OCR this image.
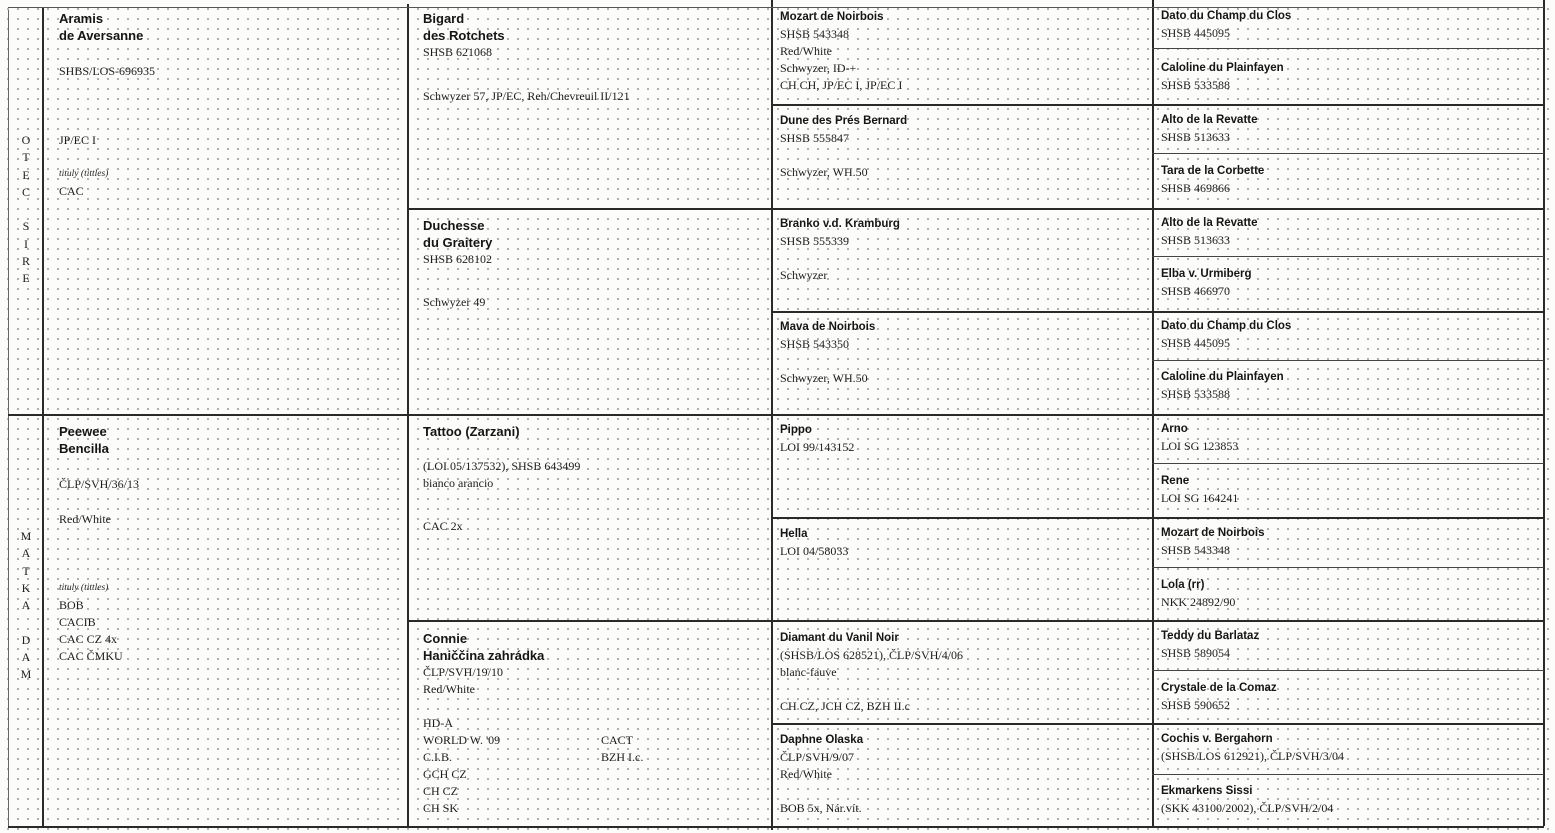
O
T
E
C

S
I
R
E
M
A
T
K
A

D
A
M
Aramis
de Aversanne
SHBS/LOS-696935
JP/EC I
tituly (tittles)
CAC
Peewee
Bencilla
ČLP/SVH/36/13
Red/White
tituly (tittles)
BOB
CACIB
CAC CZ 4x
CAC ČMKU
Bigard
des Rotchets
SHSB 621068
Schwyzer 57, JP/EC, Reh/Chevreuil II/121
Duchesse
du Graitery
SHSB 628102
Schwyzer 49
Tattoo (Zarzani)
(LOI 05/137532), SHSB 643499
bianco arancio
CAC 2x
Connie
Haniččina zahrádka
ČLP/SVH/19/10
Red/White
HD-A
WORLD W. '09
C.I.B.
GCH CZ
CH CZ
CH SK
CACT
BZH I.c.
Mozart de Noirbois
SHSB 543348
Red/White
Schwyzer, ID-+
CH CH, JP/EC I, JP/EC I
Dune des Prés Bernard
SHSB 555847

Schwyzer, WH.50
Branko v.d. Kramburg
SHSB 555339

Schwyzer
Mava de Noirbois
SHSB 543350

Schwyzer, WH.50
Pippo
LOI 99/143152
Hella
LOI 04/58033
Diamant du Vanil Noir
(SHSB/LOS 628521), ČLP/SVH/4/06
blanc-fauve

CH CZ, JCH CZ, BZH II.c
Daphne Olaska
ČLP/SVH/9/07
Red/White

BOB 5x, Nár.vít.
Dato du Champ du Clos
SHSB 445095
Caloline du Plainfayen
SHSB 533588
Alto de la Revatte
SHSB 513633
Tara de la Corbette
SHSB 469866
Alto de la Revatte
SHSB 513633
Elba v. Urmiberg
SHSB 466970
Dato du Champ du Clos
SHSB 445095
Caloline du Plainfayen
SHSB 533588
Arno
LOI SG 123853
Rene
LOI SG 164241
Mozart de Noirbois
SHSB 543348
Lola (rr)
NKK 24892/90
Teddy du Barlataz
SHSB 589054
Crystale de la Comaz
SHSB 590652
Cochis v. Bergahorn
(SHSB/LOS 612921), ČLP/SVH/3/04
Ekmarkens Sissi
(SKK 43100/2002), ČLP/SVH/2/04
